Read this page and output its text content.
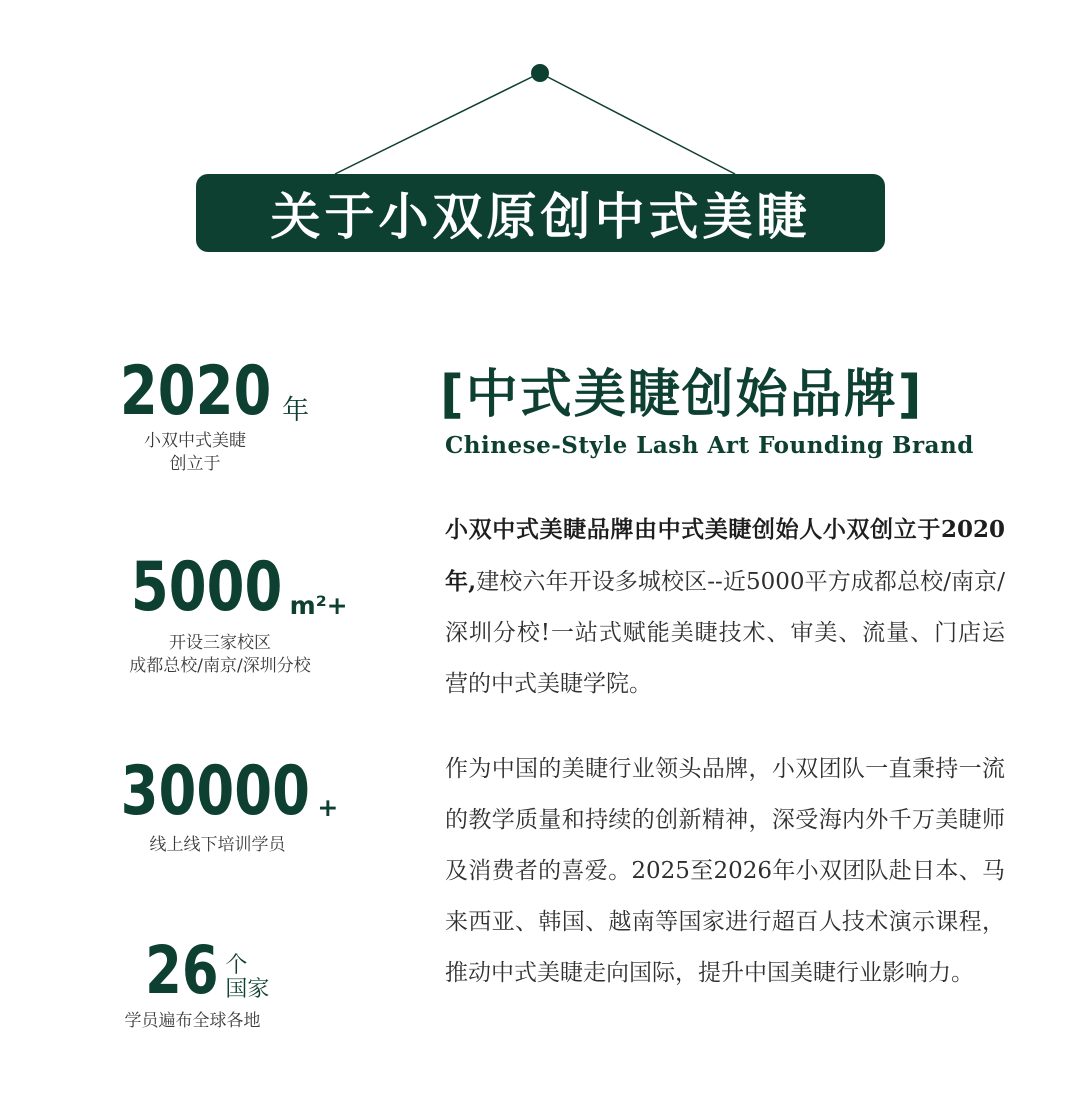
关于小双原创中式美睫
2020 年
小双中式美睫
创立于
5000 m²+
开设三家校区
成都总校/南京/深圳分校
30000 +
线上线下培训学员
26 个
国家
学员遍布全球各地
[中式美睫创始品牌]
Chinese-Style Lash Art Founding Brand
小双中式美睫品牌由中式美睫创始人小双创立于2020年,建校六年开设多城校区--近5000平方成都总校/南京/深圳分校!一站式赋能美睫技术、审美、流量、门店运营的中式美睫学院。
作为中国的美睫行业领头品牌，小双团队一直秉持一流的教学质量和持续的创新精神，深受海内外千万美睫师及消费者的喜爱。2025至2026年小双团队赴日本、马来西亚、韩国、越南等国家进行超百人技术演示课程，推动中式美睫走向国际，提升中国美睫行业影响力。
